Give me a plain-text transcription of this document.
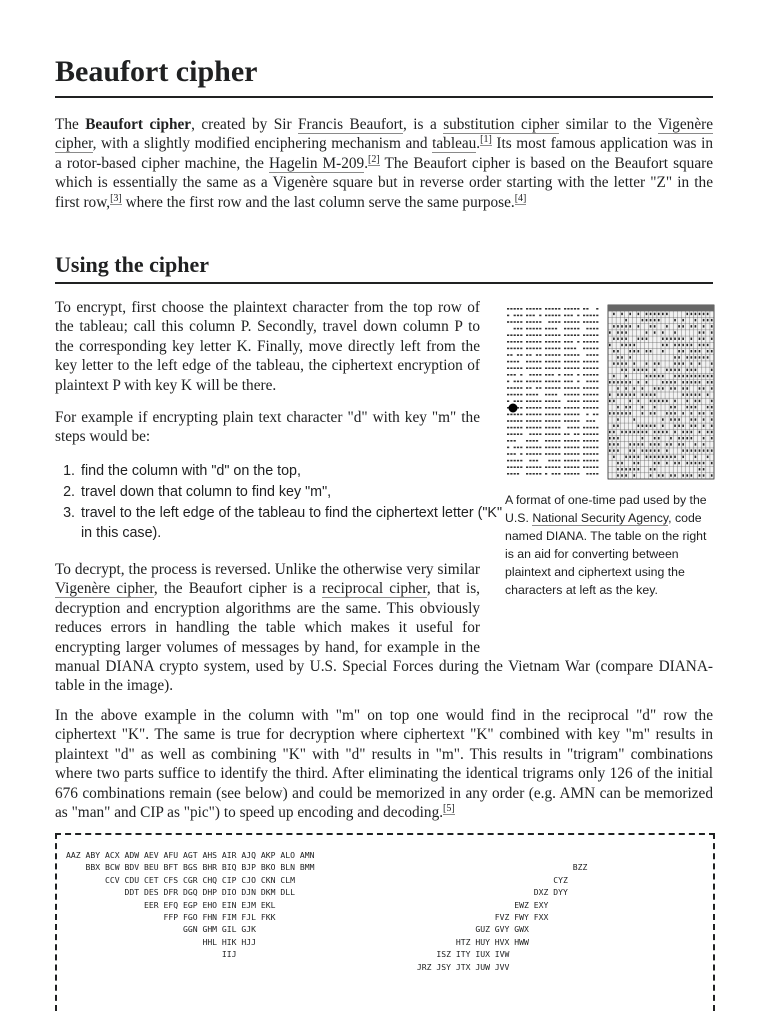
Beaufort cipher

The Beaufort cipher, created by Sir Francis Beaufort, is a substitution cipher similar to the Vigenère cipher, with a slightly modified enciphering mechanism and tableau.[1] Its most famous application was in a rotor-based cipher machine, the Hagelin M-209.[2] The Beaufort cipher is based on the Beaufort square which is essentially the same as a Vigenère square but in reverse order starting with the letter "Z" in the first row,[3] where the first row and the last column serve the same purpose.[4]

Using the cipher

To encrypt, first choose the plaintext character from the top row of the tableau; call this column P. Secondly, travel down column P to the corresponding key letter K. Finally, move directly left from the key letter to the left edge of the tableau, the ciphertext encryption of plaintext P with key K will be there.

For example if encrypting plain text character "d" with key "m" the steps would be:

1. find the column with "d" on the top,
2. travel down that column to find key "m",
3. travel to the left edge of the tableau to find the ciphertext letter ("K" in this case).
A format of one-time pad used by the U.S. National Security Agency, code named DIANA. The table on the right is an aid for converting between plaintext and ciphertext using the characters at left as the key.

To decrypt, the process is reversed. Unlike the otherwise very similar Vigenère cipher, the Beaufort cipher is a reciprocal cipher, that is, decryption and encryption algorithms are the same. This obviously reduces errors in handling the table which makes it useful for encrypting larger volumes of messages by hand, for example in the manual DIANA crypto system, used by U.S. Special Forces during the Vietnam War (compare DIANA-table in the image).

In the above example in the column with "m" on top one would find in the reciprocal "d" row the ciphertext "K". The same is true for decryption where ciphertext "K" combined with key "m" results in plaintext "d" as well as combining "K" with "d" results in "m". This results in "trigram" combinations where two parts suffice to identify the third. After eliminating the identical trigrams only 126 of the initial 676 combinations remain (see below) and could be memorized in any order (e.g. AMN can be memorized as "man" and CIP as "pic") to speed up encoding and decoding.[5]

AAZ ABY ACX ADW AEV AFU AGT AHS AIR AJQ AKP ALO AMN
BBX BCW BDV BEU BFT BGS BHR BIQ BJP BKO BLN BMM                                                     BZZ
CCV CDU CET CFS CGR CHQ CIP CJO CKN CLM                                                     CYZ
DDT DES DFR DGQ DHP DIO DJN DKM DLL                                                 DXZ DYY
EER EFQ EGP EHO EIN EJM EKL                                                 EWZ EXY
FFP FGO FHN FIM FJL FKK                                             FVZ FWY FXX
GGN GHM GIL GJK                                             GUZ GVY GWX
HHL HIK HJJ                                         HTZ HUY HVX HWW
IIJ                                         ISZ ITY IUX IVW
JRZ JSY JTX JUW JVV
